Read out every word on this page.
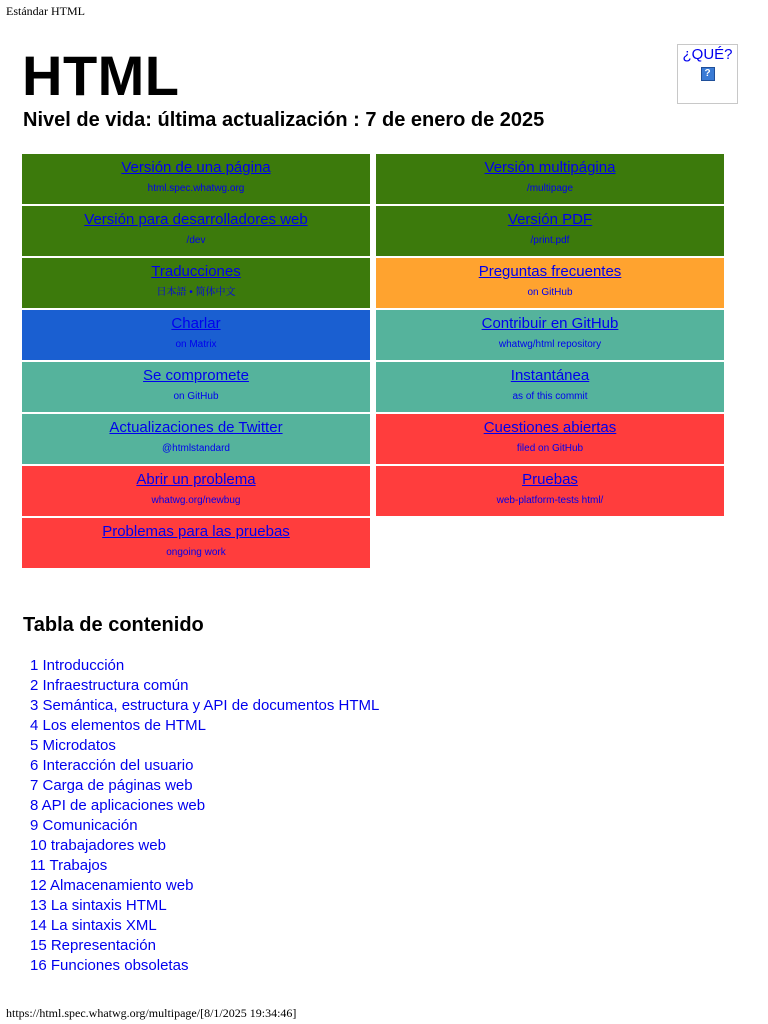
Estándar HTML
HTML
Nivel de vida: última actualización : 7 de enero de 2025
¿QUÉ?
?
Versión de una página
html.spec.whatwg.org
Versión multipágina
/multipage
Versión para desarrolladores web
/dev
Versión PDF
/print.pdf
Traducciones
日本語 • 简体中文
Preguntas frecuentes
on GitHub
Charlar
on Matrix
Contribuir en GitHub
whatwg/html repository
Se compromete
on GitHub
Instantánea
as of this commit
Actualizaciones de Twitter
@htmlstandard
Cuestiones abiertas
filed on GitHub
Abrir un problema
whatwg.org/newbug
Pruebas
web-platform-tests html/
Problemas para las pruebas
ongoing work
Tabla de contenido
1 Introducción
2 Infraestructura común
3 Semántica, estructura y API de documentos HTML
4 Los elementos de HTML
5 Microdatos
6 Interacción del usuario
7 Carga de páginas web
8 API de aplicaciones web
9 Comunicación
10 trabajadores web
11 Trabajos
12 Almacenamiento web
13 La sintaxis HTML
14 La sintaxis XML
15 Representación
16 Funciones obsoletas
https://html.spec.whatwg.org/multipage/[8/1/2025 19:34:46]
